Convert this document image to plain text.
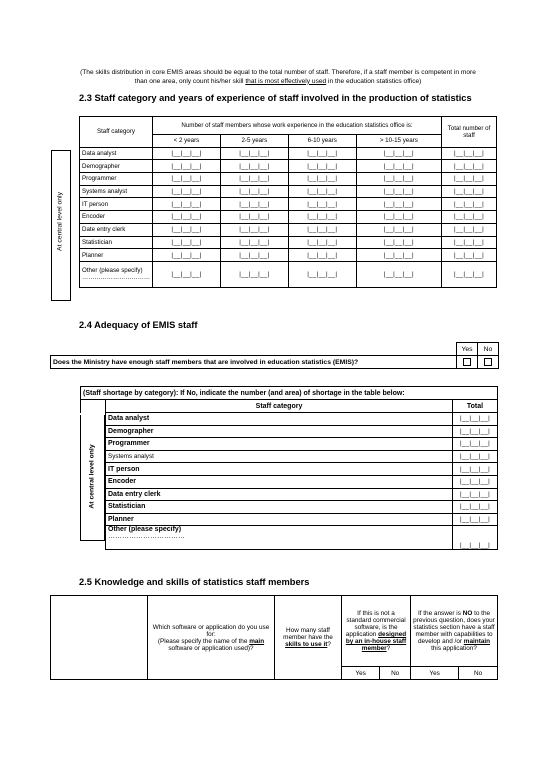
(The skills distribution in core EMIS areas should be equal to the total number of staff. Therefore, if a staff member is competent in more than one area, only count his/her skill that is most effectively used in the education statistics office)
2.3 Staff category and years of experience of staff involved in the production of statistics
Staff category	Number of staff members whose work experience in the education statistics office is:				Total number of staff
	< 2 years	2-5 years	6-10 years	> 10-15 years	
Data analyst	|__|__|__|	|__|__|__|	|__|__|__|	|__|__|__|	|__|__|__|
Demographer	|__|__|__|	|__|__|__|	|__|__|__|	|__|__|__|	|__|__|__|
Programmer	|__|__|__|	|__|__|__|	|__|__|__|	|__|__|__|	|__|__|__|
Systems analyst	|__|__|__|	|__|__|__|	|__|__|__|	|__|__|__|	|__|__|__|
IT person	|__|__|__|	|__|__|__|	|__|__|__|	|__|__|__|	|__|__|__|
Encoder	|__|__|__|	|__|__|__|	|__|__|__|	|__|__|__|	|__|__|__|
Date entry clerk	|__|__|__|	|__|__|__|	|__|__|__|	|__|__|__|	|__|__|__|
Statistician	|__|__|__|	|__|__|__|	|__|__|__|	|__|__|__|	|__|__|__|
Planner	|__|__|__|	|__|__|__|	|__|__|__|	|__|__|__|	|__|__|__|

Other (please specify)
……………………………	|__|__|__|	|__|__|__|	|__|__|__|	|__|__|__|	|__|__|__|
At central level only
2.4 Adequacy of EMIS staff
	Yes	No
Does the Ministry have enough staff members that are involved in education statistics (EMIS)?		
(Staff shortage by category): If No, indicate the number (and area) of shortage in the table below:		
	Staff category	Total
	Data analyst	|__|__|__|
	Demographer	|__|__|__|
	Programmer	|__|__|__|
	Systems analyst	|__|__|__|
	IT person	|__|__|__|
	Encoder	|__|__|__|
	Data entry clerk	|__|__|__|
	Statistician	|__|__|__|
	Planner	|__|__|__|

	Other (please specify)
……………………………	|__|__|__|
At central level only
2.5 Knowledge and skills of statistics staff members

	Which software or application do you use for:
(Please specify the name of the main software or application used)?	How many staff member have the skills to use it?	If this is not a standard commercial software, is the application designed by an in-house staff member?		If the answer is NO to the previous question, does your statistics section have a staff member with capabilities to develop and /or maintain this application?	
			Yes	No	Yes	No
